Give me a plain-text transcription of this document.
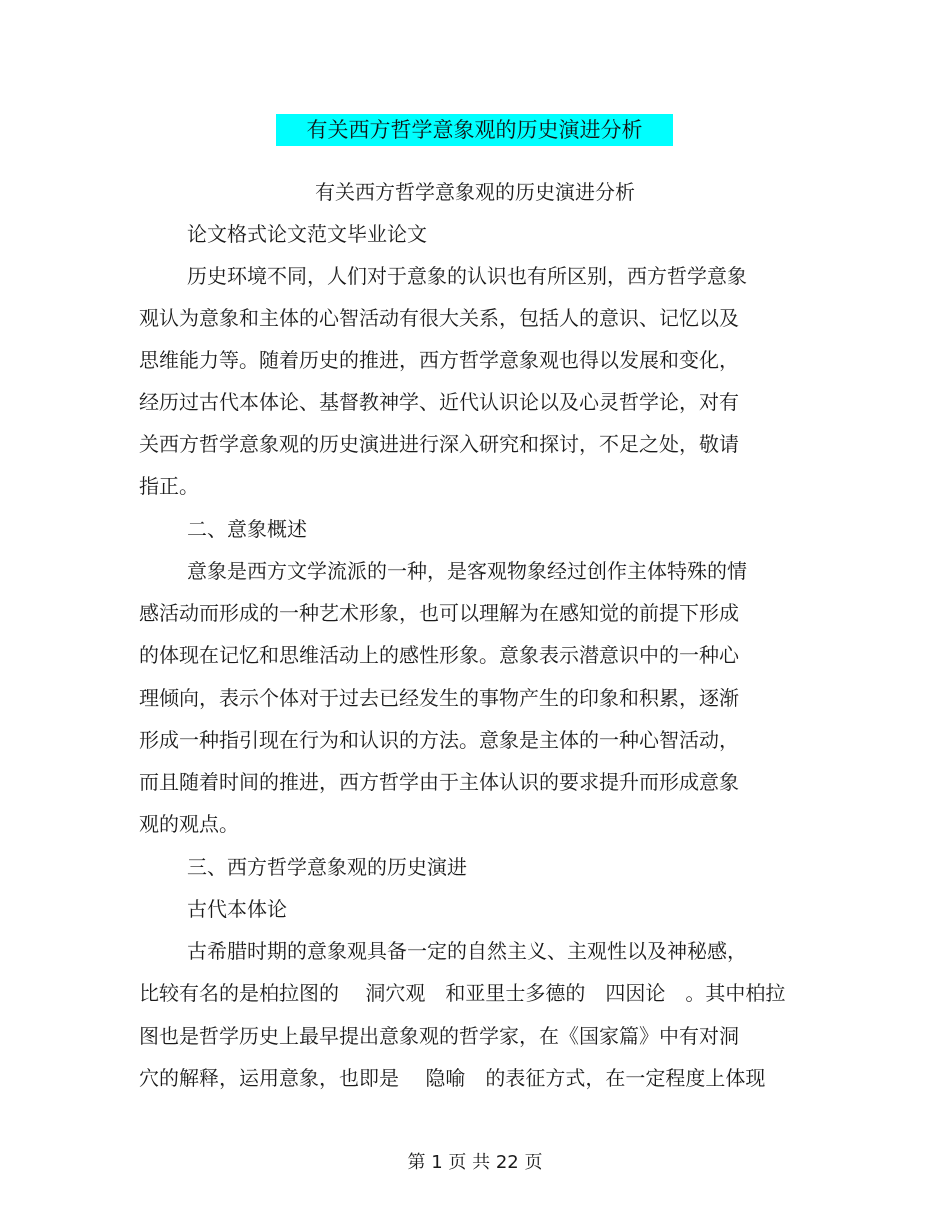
有关西方哲学意象观的历史演进分析
有关西方哲学意象观的历史演进分析
论文格式论文范文毕业论文
历史环境不同，人们对于意象的认识也有所区别，西方哲学意象
观认为意象和主体的心智活动有很大关系，包括人的意识、记忆以及
思维能力等。随着历史的推进，西方哲学意象观也得以发展和变化，
经历过古代本体论、基督教神学、近代认识论以及心灵哲学论，对有
关西方哲学意象观的历史演进进行深入研究和探讨，不足之处，敬请
指正。
二、意象概述
意象是西方文学流派的一种，是客观物象经过创作主体特殊的情
感活动而形成的一种艺术形象，也可以理解为在感知觉的前提下形成
的体现在记忆和思维活动上的感性形象。意象表示潜意识中的一种心
理倾向，表示个体对于过去已经发生的事物产生的印象和积累，逐渐
形成一种指引现在行为和认识的方法。意象是主体的一种心智活动，
而且随着时间的推进，西方哲学由于主体认识的要求提升而形成意象
观的观点。
三、西方哲学意象观的历史演进
古代本体论
古希腊时期的意象观具备一定的自然主义、主观性以及神秘感，
比较有名的是柏拉图的　 洞穴观　和亚里士多德的　四因论　。其中柏拉
图也是哲学历史上最早提出意象观的哲学家，在《国家篇》中有对洞
穴的解释，运用意象，也即是　 隐喻　的表征方式，在一定程度上体现
第 1 页 共 22 页
